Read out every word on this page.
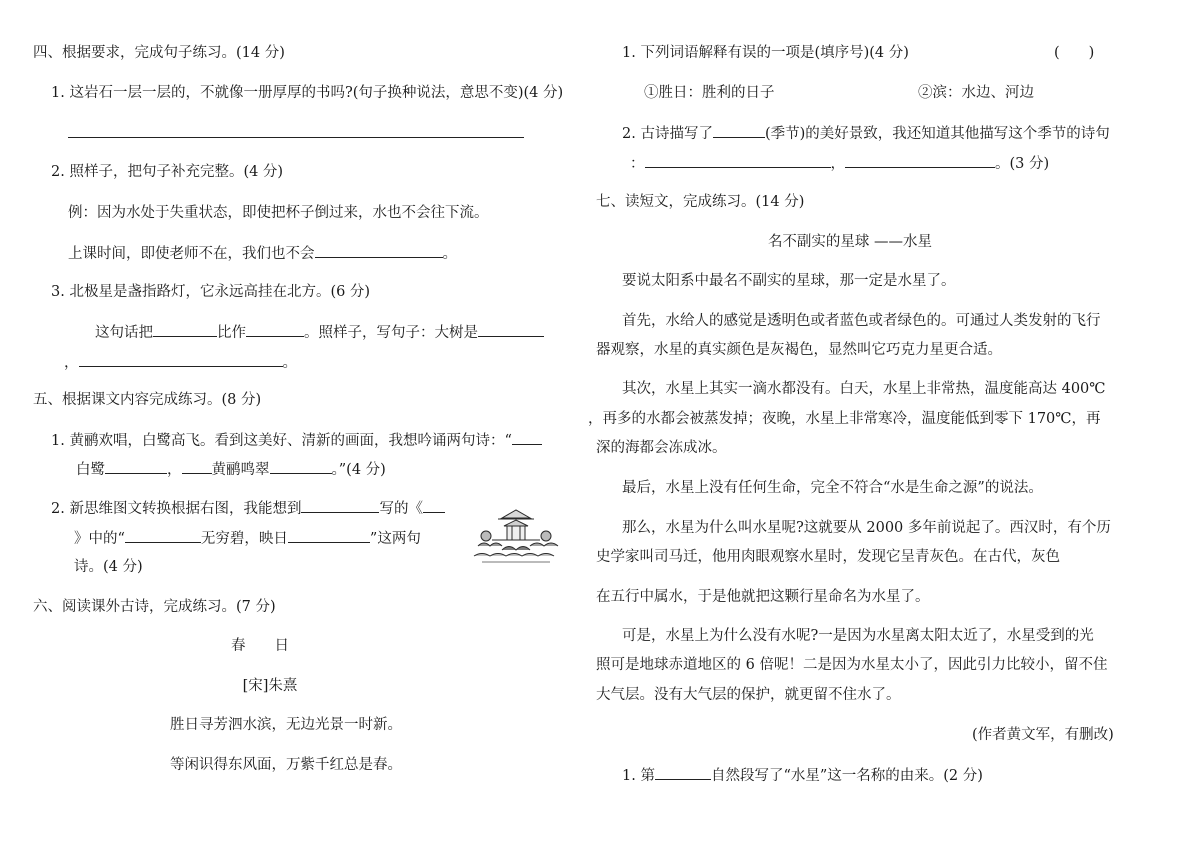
四、根据要求，完成句子练习。(14 分)
1. 这岩石一层一层的，不就像一册厚厚的书吗?(句子换种说法，意思不变)(4 分)
2. 照样子，把句子补充完整。(4 分)
例：因为水处于失重状态，即使把杯子倒过来，水也不会往下流。
上课时间，即使老师不在，我们也不会	。
3. 北极星是盏指路灯，它永远高挂在北方。(6 分)
这句话把	比作	。照样子，写句子：大树是
，	。
五、根据课文内容完成练习。(8 分)
1. 黄鹂欢唱，白鹭高飞。看到这美好、清新的画面，我想吟诵两句诗：“
白鹭	， 黄鹂鸣翠	。”(4 分)
2. 新思维图文转换根据右图，我能想到	写的《
》中的“	无穷碧，映日	”这两句
诗。(4 分)
六、阅读课外古诗，完成练习。(7 分)
春　　日
[宋]朱熹
胜日寻芳泗水滨，无边光景一时新。
等闲识得东风面，万紫千红总是春。
1. 下列词语解释有误的一项是(填序号)(4 分)	(　　)
①胜日：胜利的日子	②滨：水边、河边
2. 古诗描写了	(季节)的美好景致，我还知道其他描写这个季节的诗句
：	，	。(3 分)
七、读短文，完成练习。(14 分)
名不副实的星球 ——水星
要说太阳系中最名不副实的星球，那一定是水星了。
首先，水给人的感觉是透明色或者蓝色或者绿色的。可通过人类发射的飞行
器观察，水星的真实颜色是灰褐色，显然叫它巧克力星更合适。
其次，水星上其实一滴水都没有。白天，水星上非常热，温度能高达 400℃
，再多的水都会被蒸发掉；夜晚，水星上非常寒冷，温度能低到零下 170℃，再
深的海都会冻成冰。
最后，水星上没有任何生命，完全不符合“水是生命之源”的说法。
那么，水星为什么叫水星呢?这就要从 2000 多年前说起了。西汉时，有个历
史学家叫司马迁，他用肉眼观察水星时，发现它呈青灰色。在古代，灰色
在五行中属水，于是他就把这颗行星命名为水星了。
可是，水星上为什么没有水呢?一是因为水星离太阳太近了，水星受到的光
照可是地球赤道地区的 6 倍呢！二是因为水星太小了，因此引力比较小，留不住
大气层。没有大气层的保护，就更留不住水了。
(作者黄文军，有删改)
1. 第	自然段写了“水星”这一名称的由来。(2 分)
